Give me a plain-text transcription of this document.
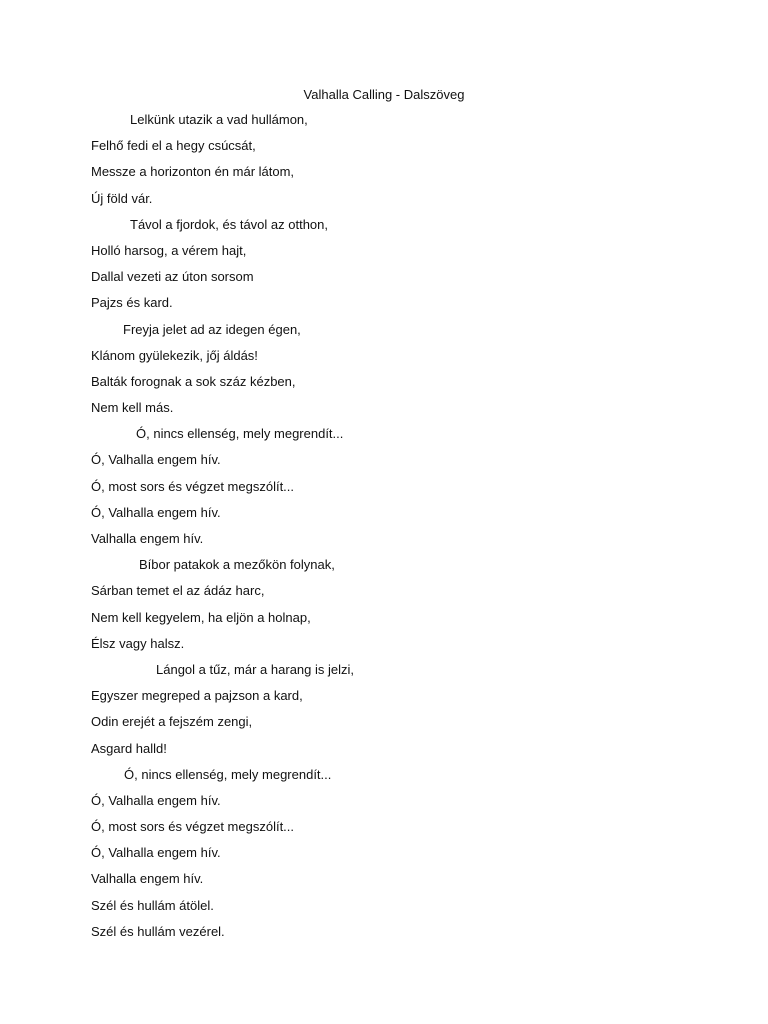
Valhalla Calling - Dalszöveg
Lelkünk utazik a vad hullámon,
Felhő fedi el a hegy csúcsát,
Messze a horizonton én már látom,
Új föld vár.
Távol a fjordok, és távol az otthon,
Holló harsog, a vérem hajt,
Dallal vezeti az úton sorsom
Pajzs és kard.
Freyja jelet ad az idegen égen,
Klánom gyülekezik, jőj áldás!
Balták forognak a sok száz kézben,
Nem kell más.
Ó, nincs ellenség, mely megrendít...
Ó, Valhalla engem hív.
Ó, most sors és végzet megszólít...
Ó, Valhalla engem hív.
Valhalla engem hív.
Bíbor patakok a mezőkön folynak,
Sárban temet el az ádáz harc,
Nem kell kegyelem, ha eljön a holnap,
Élsz vagy halsz.
Lángol a tűz, már a harang is jelzi,
Egyszer megreped a pajzson a kard,
Odin erejét a fejszém zengi,
Asgard halld!
Ó, nincs ellenség, mely megrendít...
Ó, Valhalla engem hív.
Ó, most sors és végzet megszólít...
Ó, Valhalla engem hív.
Valhalla engem hív.
Szél és hullám átölel.
Szél és hullám vezérel.
